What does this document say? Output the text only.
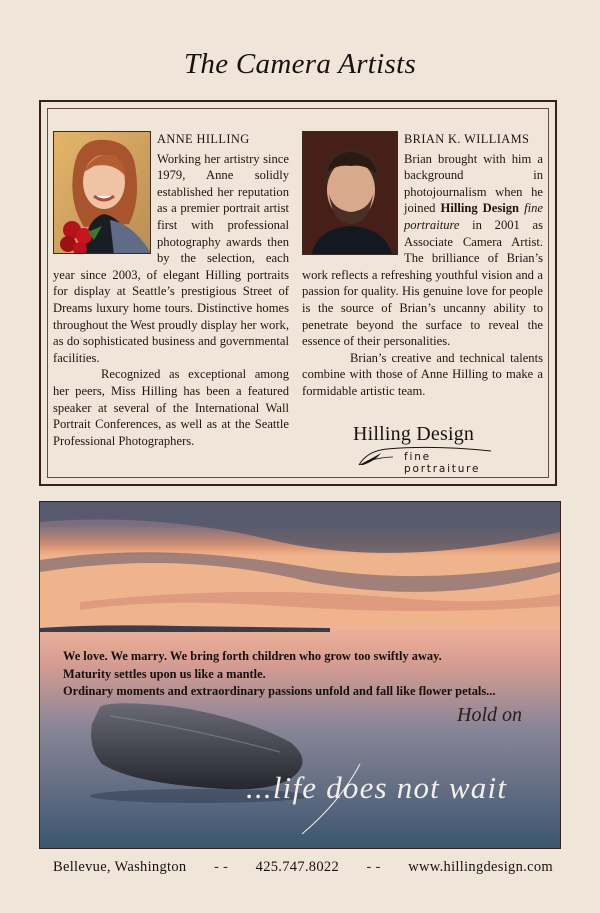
The Camera Artists
ANNE HILLING

Working her artistry since 1979, Anne solidly established her reputation as a premier portrait artist first with professional photography awards then by the selection, each year since 2003, of elegant Hilling portraits for display at Seattle’s prestigious Street of Dreams luxury home tours. Distinctive homes throughout the West proudly display her work, as do sophisticated business and governmental facilities.

Recognized as exceptional among her peers, Miss Hilling has been a featured speaker at several of the International Wall Portrait Conferences, as well as at the Seattle Professional Photographers.

BRIAN K. WILLIAMS

Brian brought with him a background in photojournalism when he joined Hilling Design fine portraiture in 2001 as Associate Camera Artist. The brilliance of Brian’s work reflects a refreshing youthful vision and a passion for quality. His genuine love for people is the source of Brian’s uncanny ability to penetrate beyond the surface to reveal the essence of their personalities.

Brian’s creative and technical talents combine with those of Anne Hilling to make a formidable artistic team.

Hilling Design
fine portraiture
We love. We marry. We bring forth children who grow too swiftly away.
Maturity settles upon us like a mantle.
Ordinary moments and extraordinary passions unfold and fall like flower petals...
Hold on
...life does not wait
Bellevue, Washington - - 425.747.8022 - - www.hillingdesign.com
